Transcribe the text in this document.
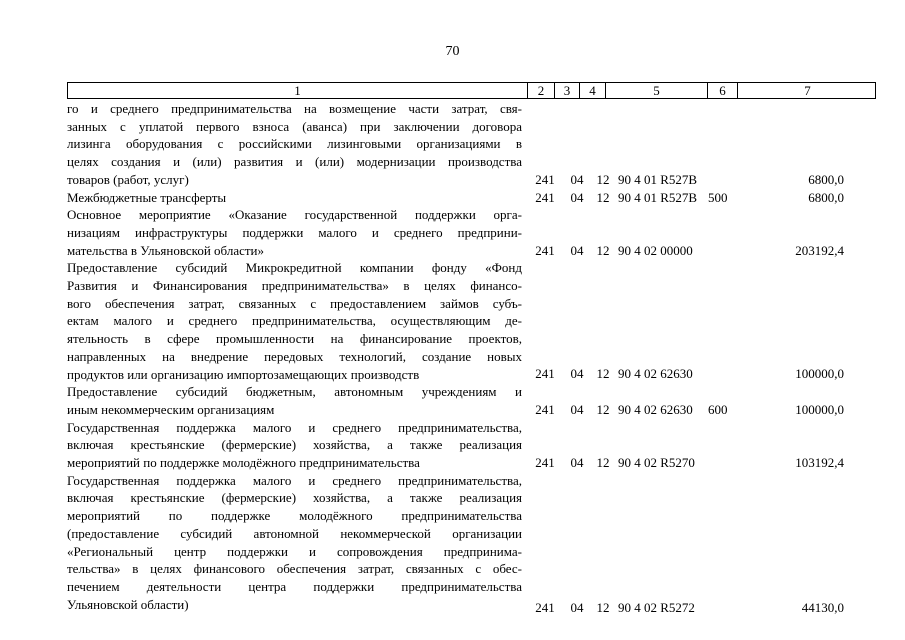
70
1	2	3	4	5	6	7
го и среднего предпринимательства на возмещение части затрат, свя-
занных с уплатой первого взноса (аванса) при заключении договора
лизинга оборудования с российскими лизинговыми организациями в
целях создания и (или) развития и (или) модернизации производства
товаров (работ, услуг)	241	04	12 90 4 01 R527B	6800,0
Межбюджетные трансферты	241	04	12 90 4 01 R527B 500	6800,0
Основное мероприятие «Оказание государственной поддержки орга-
низациям инфраструктуры поддержки малого и среднего предприни-
мательства в Ульяновской области»	241	04	12 90 4 02 00000	203192,4
Предоставление субсидий Микрокредитной компании фонду «Фонд
Развития и Финансирования предпринимательства» в целях финансо-
вого обеспечения затрат, связанных с предоставлением займов субъ-
ектам малого и среднего предпринимательства, осуществляющим де-
ятельность в сфере промышленности на финансирование проектов,
направленных на внедрение передовых технологий, создание новых
продуктов или организацию импортозамещающих производств	241	04	12 90 4 02 62630	100000,0
Предоставление субсидий бюджетным, автономным учреждениям и
иным некоммерческим организациям	241	04	12 90 4 02 62630	600	100000,0
Государственная поддержка малого и среднего предпринимательства,
включая крестьянские (фермерские) хозяйства, а также реализация
мероприятий по поддержке молодёжного предпринимательства	241	04	12 90 4 02 R5270	103192,4
Государственная поддержка малого и среднего предпринимательства,
включая крестьянские (фермерские) хозяйства, а также реализация
мероприятий по поддержке молодёжного предпринимательства
(предоставление субсидий автономной некоммерческой организации
«Региональный центр поддержки и сопровождения предпринима-
тельства» в целях финансового обеспечения затрат, связанных с обес-
печением деятельности центра поддержки предпринимательства
Ульяновской области)	241	04	12 90 4 02 R5272	44130,0
